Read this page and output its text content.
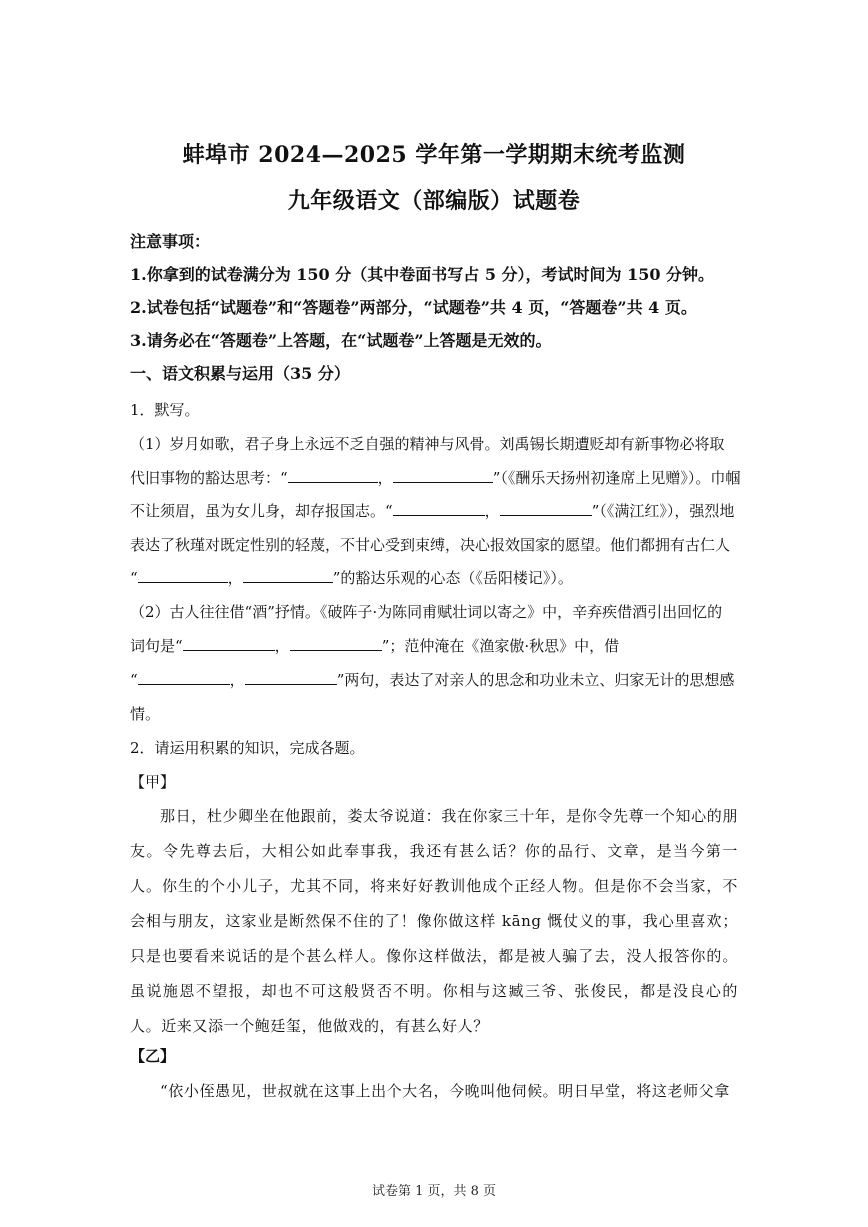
蚌埠市 2024—2025 学年第一学期期末统考监测
九年级语文（部编版）试题卷
注意事项：
1.你拿到的试卷满分为 150 分（其中卷面书写占 5 分），考试时间为 150 分钟。
2.试卷包括“试题卷”和“答题卷”两部分，“试题卷”共 4 页，“答题卷”共 4 页。
3.请务必在“答题卷”上答题，在“试题卷”上答题是无效的。
一、语文积累与运用（35 分）
1．默写。
（1）岁月如歌，君子身上永远不乏自强的精神与风骨。刘禹锡长期遭贬却有新事物必将取
代旧事物的豁达思考：“	，	”（《酬乐天扬州初逢席上见赠》）。巾帼
不让须眉，虽为女儿身，却存报国志。“	，	”（《满江红》），强烈地
表达了秋瑾对既定性别的轻蔑，不甘心受到束缚，决心报效国家的愿望。他们都拥有古仁人
“	，	”的豁达乐观的心态（《岳阳楼记》）。
（2）古人往往借“酒”抒情。《破阵子·为陈同甫赋壮词以寄之》中，辛弃疾借酒引出回忆的
词句是“	，	”；范仲淹在《渔家傲·秋思》中，借
“	，	”两句，表达了对亲人的思念和功业未立、归家无计的思想感
情。
2．请运用积累的知识，完成各题。
【甲】
那日，杜少卿坐在他跟前，娄太爷说道：我在你家三十年，是你令先尊一个知心的朋友。令先尊去后，大相公如此奉事我，我还有甚么话？你的品行、文章，是当今第一人。你生的个小儿子，尤其不同，将来好好教训他成个正经人物。但是你不会当家，不会相与朋友，这家业是断然保不住的了！像你做这样 kāng 慨仗义的事，我心里喜欢；只是也要看来说话的是个甚么样人。像你这样做法，都是被人骗了去，没人报答你的。虽说施恩不望报，却也不可这般贤否不明。你相与这臧三爷、张俊民，都是没良心的人。近来又添一个鲍廷玺，他做戏的，有甚么好人？
【乙】
“依小侄愚见，世叔就在这事上出个大名，今晚叫他伺候。明日早堂，将这老师父拿
试卷第 1 页，共 8 页
